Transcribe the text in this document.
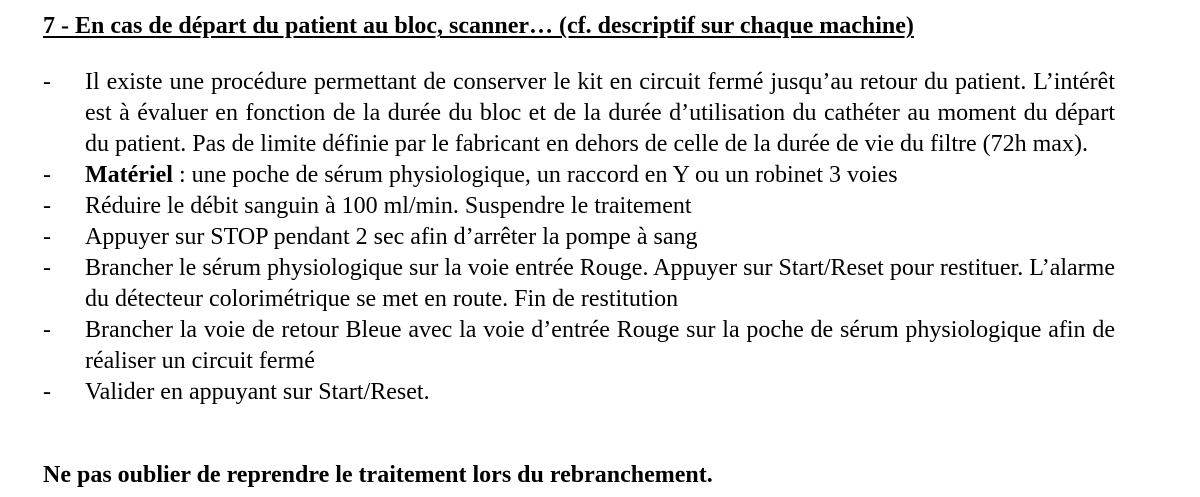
7 - En cas de départ du patient au bloc, scanner… (cf. descriptif sur chaque machine)
- Il existe une procédure permettant de conserver le kit en circuit fermé jusqu’au retour du patient. L’intérêt est à évaluer en fonction de la durée du bloc et de la durée d’utilisation du cathéter au moment du départ du patient. Pas de limite définie par le fabricant en dehors de celle de la durée de vie du filtre (72h max).
- Matériel : une poche de sérum physiologique, un raccord en Y ou un robinet 3 voies
- Réduire le débit sanguin à 100 ml/min. Suspendre le traitement
- Appuyer sur STOP pendant 2 sec afin d’arrêter la pompe à sang
- Brancher le sérum physiologique sur la voie entrée Rouge. Appuyer sur Start/Reset pour restituer. L’alarme du détecteur colorimétrique se met en route. Fin de restitution
- Brancher la voie de retour Bleue avec la voie d’entrée Rouge sur la poche de sérum physiologique afin de réaliser un circuit fermé
- Valider en appuyant sur Start/Reset.

Ne pas oublier de reprendre le traitement lors du rebranchement.
